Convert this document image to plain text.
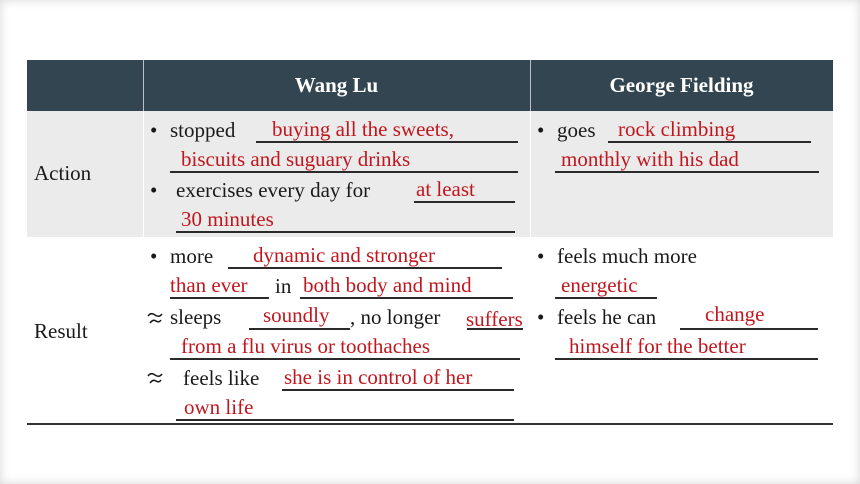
Wang Lu	George Fielding
Action
Result
• stopped buying all the sweets,
biscuits and suguary drinks
• exercises every day for at least
30 minutes
• goes rock climbing
monthly with his dad
• more dynamic and stronger
than ever in both body and mind
sleeps soundly , no longer suffers
from a flu virus or toothaches
feels like she is in control of her
own life
• feels much more
energetic
• feels he can change
himself for the better
